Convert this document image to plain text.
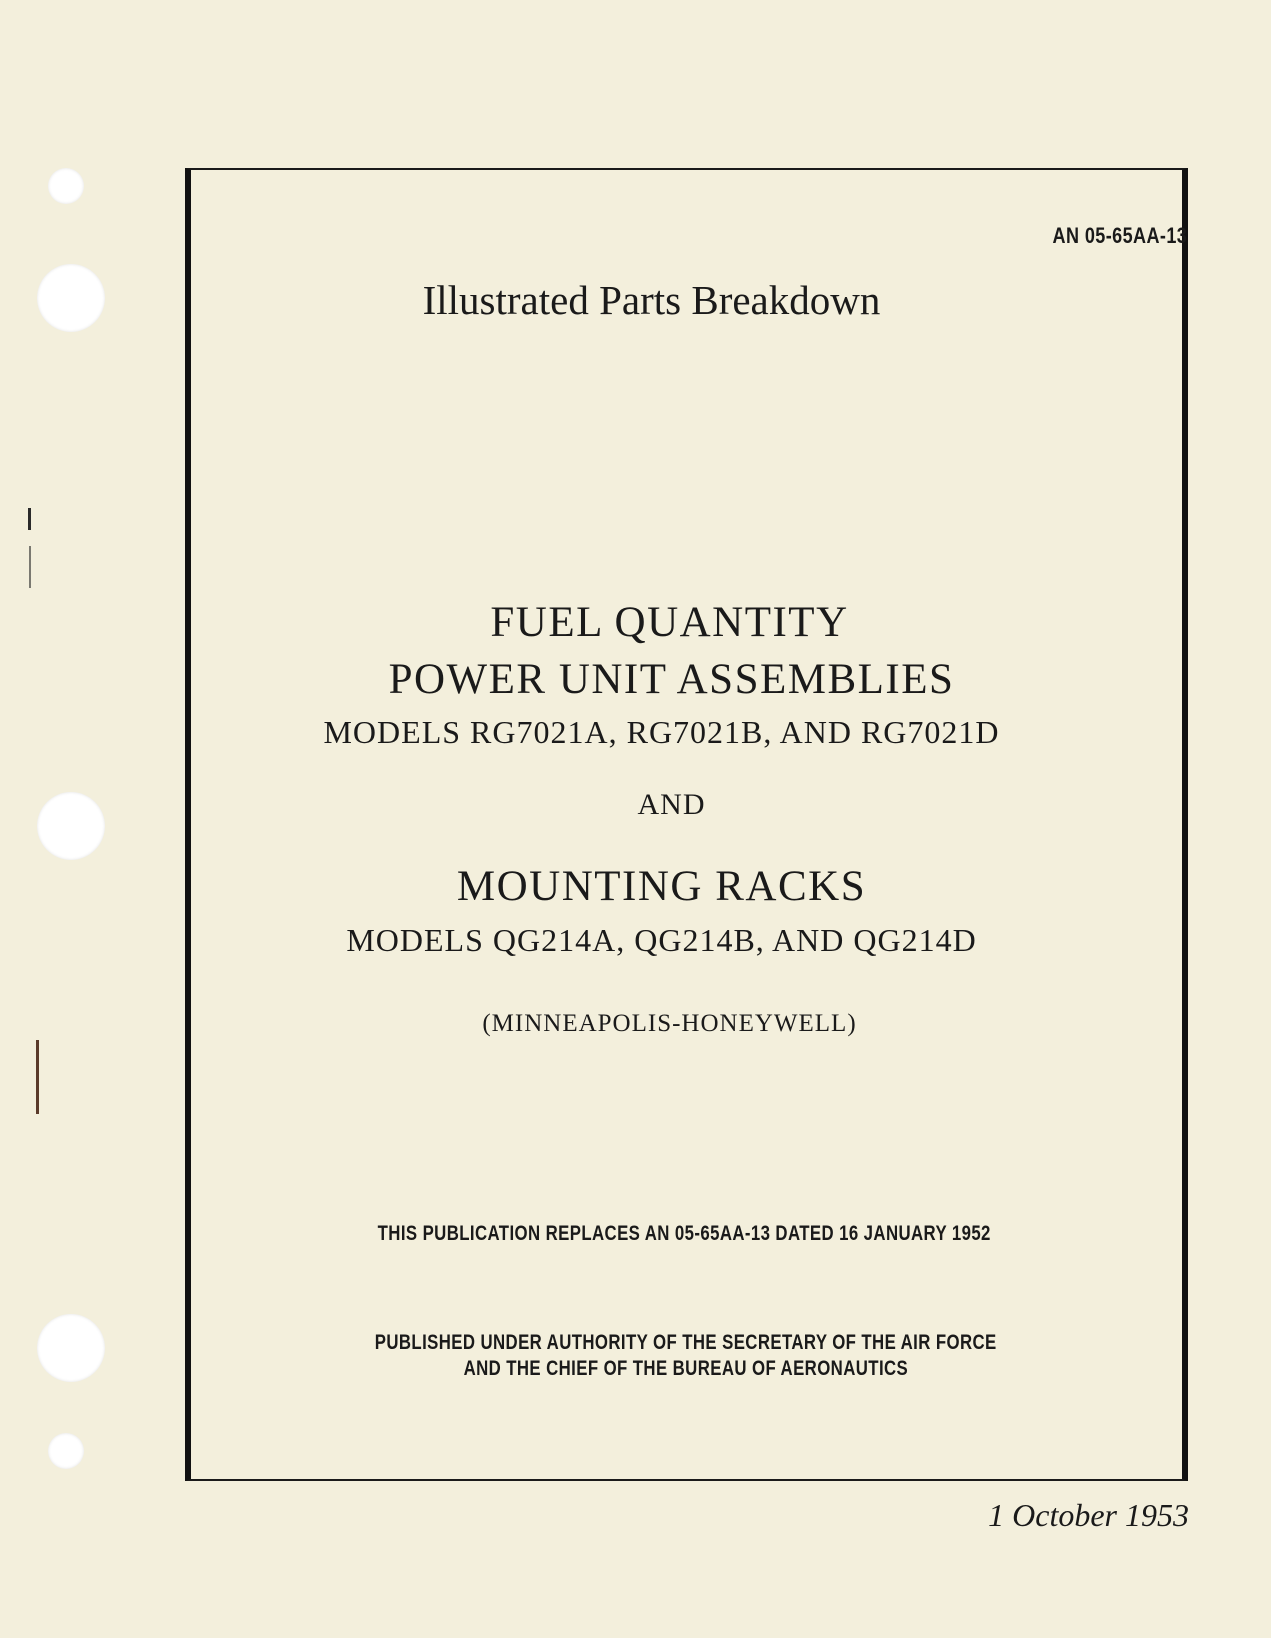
AN 05-65AA-13
Illustrated Parts Breakdown
FUEL QUANTITY
POWER UNIT ASSEMBLIES
MODELS RG7021A, RG7021B, AND RG7021D
AND
MOUNTING RACKS
MODELS QG214A, QG214B, AND QG214D
(MINNEAPOLIS-HONEYWELL)
THIS PUBLICATION REPLACES AN 05-65AA-13 DATED 16 JANUARY 1952
PUBLISHED UNDER AUTHORITY OF THE SECRETARY OF THE AIR FORCE
AND THE CHIEF OF THE BUREAU OF AERONAUTICS
1 October 1953
